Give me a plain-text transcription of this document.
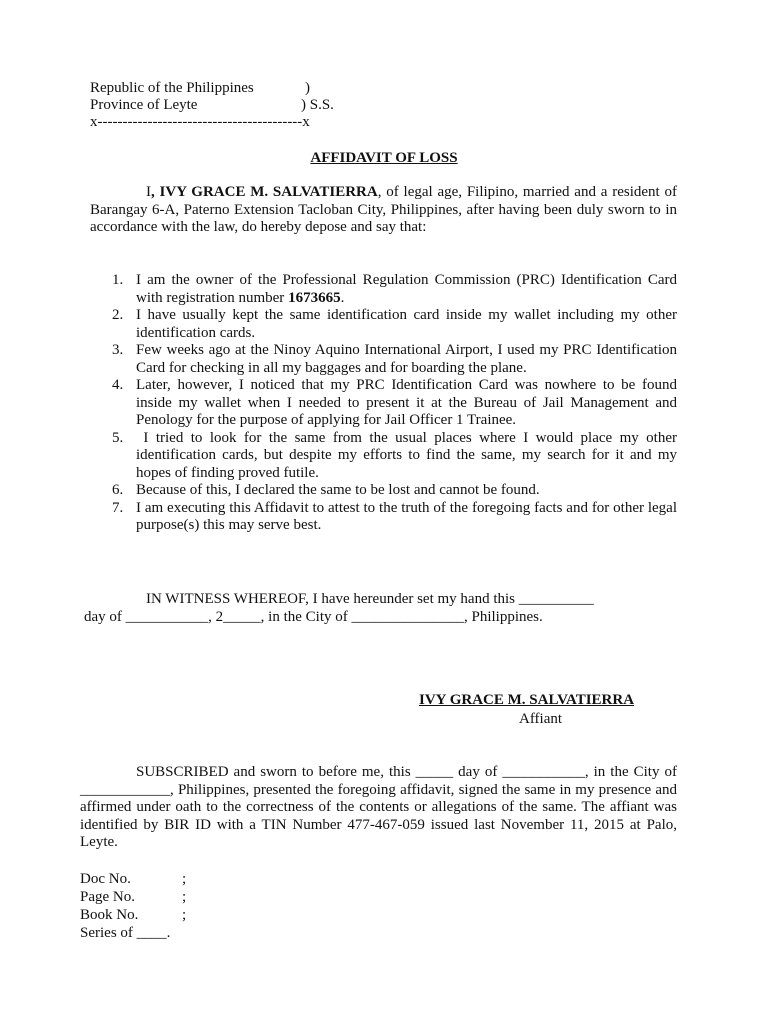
Republic of the Philippines	)
Province of Leyte	) S.S.
x-----------------------------------------x
AFFIDAVIT OF LOSS
I, IVY GRACE M. SALVATIERRA, of legal age, Filipino, married and a resident of Barangay 6-A, Paterno Extension Tacloban City, Philippines, after having been duly sworn to in accordance with the law, do hereby depose and say that:
1. I am the owner of the Professional Regulation Commission (PRC) Identification Card with registration number 1673665.
2. I have usually kept the same identification card inside my wallet including my other identification cards.
3. Few weeks ago at the Ninoy Aquino International Airport, I used my PRC Identification Card for checking in all my baggages and for boarding the plane.
4. Later, however, I noticed that my PRC Identification Card was nowhere to be found inside my wallet when I needed to present it at the Bureau of Jail Management and Penology for the purpose of applying for Jail Officer 1 Trainee.
5. I tried to look for the same from the usual places where I would place my other identification cards, but despite my efforts to find the same, my search for it and my hopes of finding proved futile.
6. Because of this, I declared the same to be lost and cannot be found.
7. I am executing this Affidavit to attest to the truth of the foregoing facts and for other legal purpose(s) this may serve best.
IN WITNESS WHEREOF, I have hereunder set my hand this __________
day of ___________, 2_____, in the City of _______________, Philippines.
IVY GRACE M. SALVATIERRA
Affiant
SUBSCRIBED and sworn to before me, this _____ day of ___________, in the City of ____________, Philippines, presented the foregoing affidavit, signed the same in my presence and affirmed under oath to the correctness of the contents or allegations of the same. The affiant was identified by BIR ID with a TIN Number 477-467-059 issued last November 11, 2015 at Palo, Leyte.
Doc No.	;
Page No.	;
Book No.	;
Series of ____.
